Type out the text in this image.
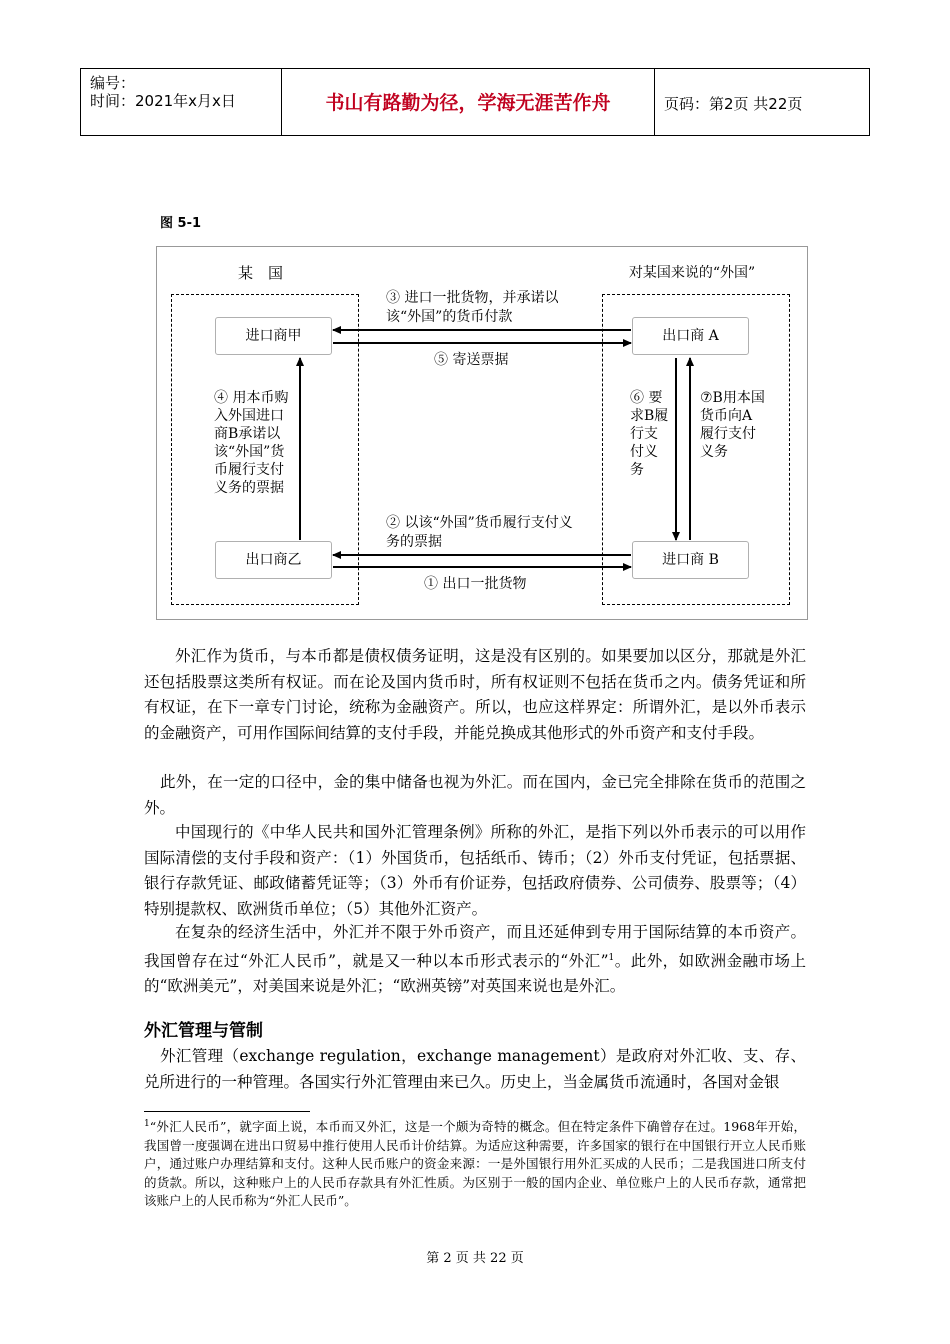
编号：
时间：2021年x月x日	书山有路勤为径，学海无涯苦作舟	页码：第2页 共22页
图 5-1
某　国	对某国来说的“外国”
进口商甲
出口商乙
出口商 A
进口商 B
③ 进口一批货物，并承诺以该“外国”的货币付款
⑤ 寄送票据
④ 用本币购入外国进口商B承诺以该“外国”货币履行支付义务的票据
⑥ 要求B履行支付义务
⑦B用本国货币向A履行支付义务
② 以该“外国”货币履行支付义务的票据
① 出口一批货物
外汇作为货币，与本币都是债权债务证明，这是没有区别的。如果要加以区分，那就是外汇还包括股票这类所有权证。而在论及国内货币时，所有权证则不包括在货币之内。债务凭证和所有权证，在下一章专门讨论，统称为金融资产。所以，也应这样界定：所谓外汇，是以外币表示的金融资产，可用作国际间结算的支付手段，并能兑换成其他形式的外币资产和支付手段。
此外，在一定的口径中，金的集中储备也视为外汇。而在国内，金已完全排除在货币的范围之外。
中国现行的《中华人民共和国外汇管理条例》所称的外汇，是指下列以外币表示的可以用作国际清偿的支付手段和资产：（1）外国货币，包括纸币、铸币；（2）外币支付凭证，包括票据、银行存款凭证、邮政储蓄凭证等；（3）外币有价证券，包括政府债券、公司债券、股票等；（4）特别提款权、欧洲货币单位；（5）其他外汇资产。
在复杂的经济生活中，外汇并不限于外币资产，而且还延伸到专用于国际结算的本币资产。我国曾存在过“外汇人民币”，就是又一种以本币形式表示的“外汇”$^1$。此外，如欧洲金融市场上的“欧洲美元”，对美国来说是外汇；“欧洲英镑”对英国来说也是外汇。
外汇管理与管制
外汇管理（exchange regulation，exchange management）是政府对外汇收、支、存、兑所进行的一种管理。各国实行外汇管理由来已久。历史上，当金属货币流通时，各国对金银
$^1$“外汇人民币”，就字面上说，本币而又外汇，这是一个颇为奇特的概念。但在特定条件下确曾存在过。1968年开始，我国曾一度强调在进出口贸易中推行使用人民币计价结算。为适应这种需要，许多国家的银行在中国银行开立人民币账户，通过账户办理结算和支付。这种人民币账户的资金来源：一是外国银行用外汇买成的人民币；二是我国进口所支付的货款。所以，这种账户上的人民币存款具有外汇性质。为区别于一般的国内企业、单位账户上的人民币存款，通常把该账户上的人民币称为“外汇人民币”。
第 2 页 共 22 页
